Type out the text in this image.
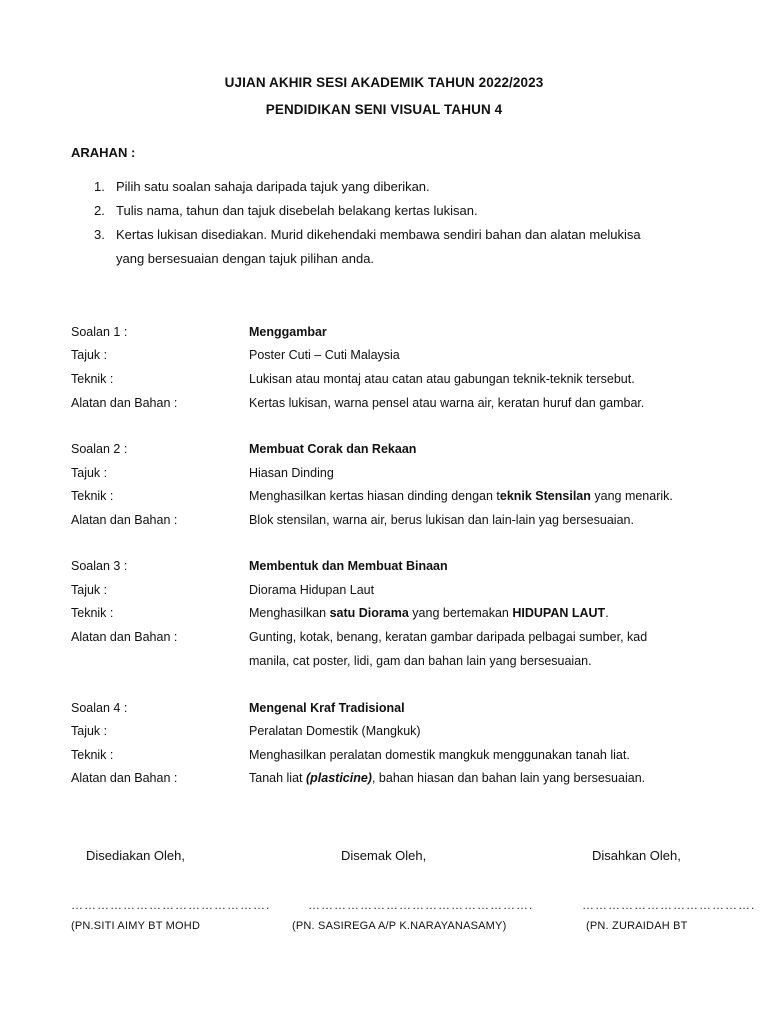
UJIAN AKHIR SESI AKADEMIK TAHUN 2022/2023
PENDIDIKAN SENI VISUAL TAHUN 4
ARAHAN :
1. Pilih satu soalan sahaja daripada tajuk yang diberikan.
2. Tulis nama, tahun dan tajuk disebelah belakang kertas lukisan.
3. Kertas lukisan disediakan. Murid dikehendaki membawa sendiri bahan dan alatan melukisa
yang bersesuaian dengan tajuk pilihan anda.
Soalan 1 :	Menggambar
Tajuk :	Poster Cuti – Cuti Malaysia
Teknik :	Lukisan atau montaj atau catan atau gabungan teknik-teknik tersebut.
Alatan dan Bahan :	Kertas lukisan, warna pensel atau warna air, keratan huruf dan gambar.
Soalan 2 :	Membuat Corak dan Rekaan
Tajuk :	Hiasan Dinding
Teknik :	Menghasilkan kertas hiasan dinding dengan teknik Stensilan yang menarik.
Alatan dan Bahan :	Blok stensilan, warna air, berus lukisan dan lain-lain yag bersesuaian.
Soalan 3 :	Membentuk dan Membuat Binaan
Tajuk :	Diorama Hidupan Laut
Teknik :	Menghasilkan satu Diorama yang bertemakan HIDUPAN LAUT.
Alatan dan Bahan :	Gunting, kotak, benang, keratan gambar daripada pelbagai sumber, kad
manila, cat poster, lidi, gam dan bahan lain yang bersesuaian.
Soalan 4 :	Mengenal Kraf Tradisional
Tajuk :	Peralatan Domestik (Mangkuk)
Teknik :	Menghasilkan peralatan domestik mangkuk menggunakan tanah liat.
Alatan dan Bahan :	Tanah liat (plasticine), bahan hiasan dan bahan lain yang bersesuaian.
Disediakan Oleh,	Disemak Oleh,	Disahkan Oleh,
……………………………………….	…………………………………………….	………………………………….
(PN.SITI AIMY BT MOHD	(PN. SASIREGA A/P K.NARAYANASAMY)	(PN. ZURAIDAH BT
